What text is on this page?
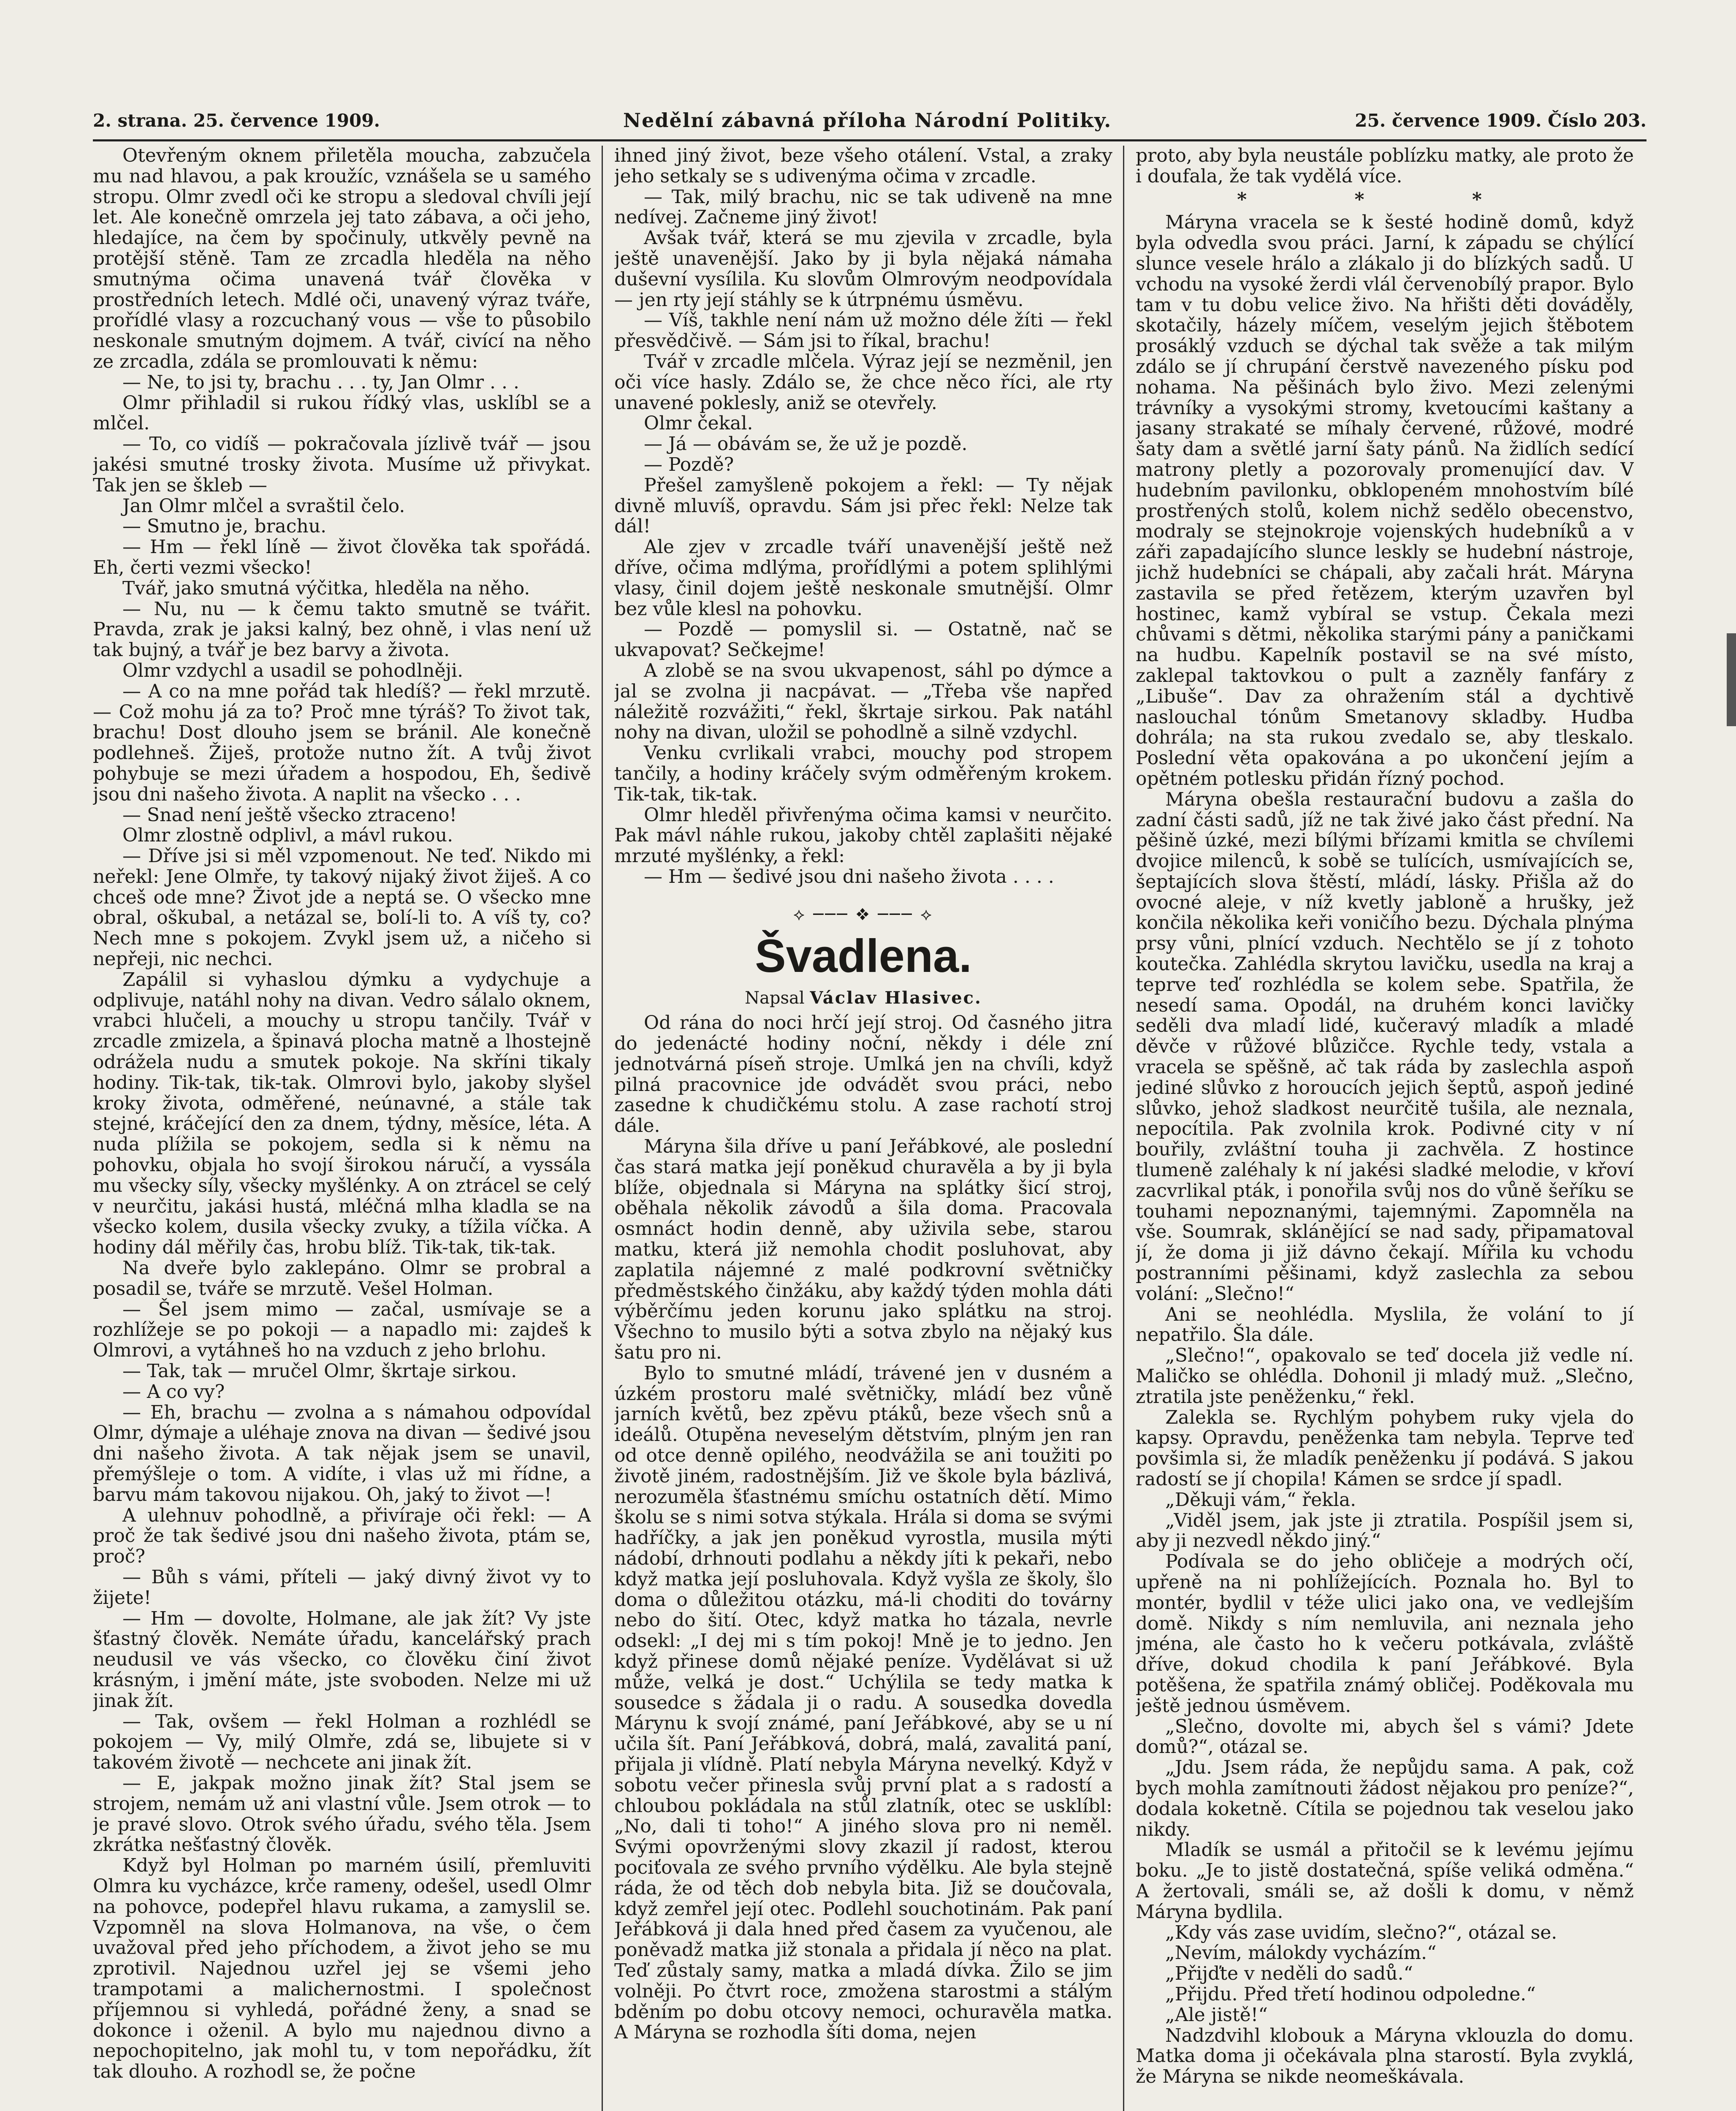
2. strana. 25. července 1909.	Nedělní zábavná příloha Národní Politiky.	25. července 1909. Číslo 203.

Otevřeným oknem přiletěla moucha, zabzučela mu nad hlavou, a pak kroužíc, vznášela se u samého stropu. Olmr zvedl oči ke stropu a sledoval chvíli její let. Ale konečně omrzela jej tato zábava, a oči jeho, hledajíce, na čem by spočinuly, utkvěly pevně na protější stěně. Tam ze zrcadla hleděla na něho smutnýma očima unavená tvář člověka v prostředních letech. Mdlé oči, unavený výraz tváře, prořídlé vlasy a rozcuchaný vous — vše to působilo neskonale smutným dojmem. A tvář, civící na něho ze zrcadla, zdála se promlouvati k němu:

— Ne, to jsi ty, brachu . . . ty, Jan Olmr . . .

Olmr přihladil si rukou řídký vlas, usklíbl se a mlčel.

— To, co vidíš — pokračovala jízlivě tvář — jsou jakési smutné trosky života. Musíme už přivykat. Tak jen se škleb —

Jan Olmr mlčel a svraštil čelo.

— Smutno je, brachu.

— Hm — řekl líně — život člověka tak spořádá. Eh, čerti vezmi všecko!

Tvář, jako smutná výčitka, hleděla na něho.

— Nu, nu — k čemu takto smutně se tvářit. Pravda, zrak je jaksi kalný, bez ohně, i vlas není už tak bujný, a tvář je bez barvy a života.

Olmr vzdychl a usadil se pohodlněji.

— A co na mne pořád tak hledíš? — řekl mrzutě. — Což mohu já za to? Proč mne týráš? To život tak, brachu! Dost dlouho jsem se bránil. Ale konečně podlehneš. Žiješ, protože nutno žít. A tvůj život pohybuje se mezi úřadem a hospodou, Eh, šedivě jsou dni našeho života. A naplit na všecko . . .

— Snad není ještě všecko ztraceno!

Olmr zlostně odplivl, a mávl rukou.

— Dříve jsi si měl vzpomenout. Ne teď. Nikdo mi neřekl: Jene Olmře, ty takový nijaký život žiješ. A co chceš ode mne? Život jde a neptá se. O všecko mne obral, oškubal, a netázal se, bolí-li to. A víš ty, co? Nech mne s pokojem. Zvykl jsem už, a ničeho si nepřeji, nic nechci.

Zapálil si vyhaslou dýmku a vydychuje a odplivuje, natáhl nohy na divan. Vedro sálalo oknem, vrabci hlučeli, a mouchy u stropu tančily. Tvář v zrcadle zmizela, a špinavá plocha matně a lhostejně odrážela nudu a smutek pokoje. Na skříni tikaly hodiny. Tik-tak, tik-tak. Olmrovi bylo, jakoby slyšel kroky života, odměřené, neúnavné, a stále tak stejné, kráčející den za dnem, týdny, měsíce, léta. A nuda plížila se pokojem, sedla si k němu na pohovku, objala ho svojí širokou náručí, a vyssála mu všecky síly, všecky myšlénky. A on ztrácel se celý v neurčitu, jakási hustá, mléčná mlha kladla se na všecko kolem, dusila všecky zvuky, a tížila víčka. A hodiny dál měřily čas, hrobu blíž. Tik-tak, tik-tak.

Na dveře bylo zaklepáno. Olmr se probral a posadil se, tváře se mrzutě. Vešel Holman.

— Šel jsem mimo — začal, usmívaje se a rozhlížeje se po pokoji — a napadlo mi: zajdeš k Olmrovi, a vytáhneš ho na vzduch z jeho brlohu.

— Tak, tak — mručel Olmr, škrtaje sirkou.

— A co vy?

— Eh, brachu — zvolna a s námahou odpovídal Olmr, dýmaje a uléhaje znova na divan — šedivé jsou dni našeho života. A tak nějak jsem se unavil, přemýšleje o tom. A vidíte, i vlas už mi řídne, a barvu mám takovou nijakou. Oh, jaký to život —!

A ulehnuv pohodlně, a přivíraje oči řekl: — A proč že tak šedivé jsou dni našeho života, ptám se, proč?

— Bůh s vámi, příteli — jaký divný život vy to žijete!

— Hm — dovolte, Holmane, ale jak žít? Vy jste šťastný člověk. Nemáte úřadu, kancelářský prach neudusil ve vás všecko, co člověku činí život krásným, i jmění máte, jste svoboden. Nelze mi už jinak žít.

— Tak, ovšem — řekl Holman a rozhlédl se pokojem — Vy, milý Olmře, zdá se, libujete si v takovém životě — nechcete ani jinak žít.

— E, jakpak možno jinak žít? Stal jsem se strojem, nemám už ani vlastní vůle. Jsem otrok — to je pravé slovo. Otrok svého úřadu, svého těla. Jsem zkrátka nešťastný člověk.

Když byl Holman po marném úsilí, přemluviti Olmra ku vycházce, krče rameny, odešel, usedl Olmr na pohovce, podepřel hlavu rukama, a zamyslil se. Vzpomněl na slova Holmanova, na vše, o čem uvažoval před jeho příchodem, a život jeho se mu zprotivil. Najednou uzřel jej se všemi jeho trampotami a malichernostmi. I společnost příjemnou si vyhledá, pořádné ženy, a snad se dokonce i oženil. A bylo mu najednou divno a nepochopitelno, jak mohl tu, v tom nepořádku, žít tak dlouho. A rozhodl se, že počne

ihned jiný život, beze všeho otálení. Vstal, a zraky jeho setkaly se s udivenýma očima v zrcadle.

— Tak, milý brachu, nic se tak udiveně na mne nedívej. Začneme jiný život!

Avšak tvář, která se mu zjevila v zrcadle, byla ještě unavenější. Jako by ji byla nějaká námaha duševní vysílila. Ku slovům Olmrovým neodpovídala — jen rty její stáhly se k útrpnému úsměvu.

— Víš, takhle není nám už možno déle žíti — řekl přesvědčivě. — Sám jsi to říkal, brachu!

Tvář v zrcadle mlčela. Výraz její se nezměnil, jen oči více hasly. Zdálo se, že chce něco říci, ale rty unavené poklesly, aniž se otevřely.

Olmr čekal.

— Já — obávám se, že už je pozdě.

— Pozdě?

Přešel zamyšleně pokojem a řekl: — Ty nějak divně mluvíš, opravdu. Sám jsi přec řekl: Nelze tak dál!

Ale zjev v zrcadle tváří unavenější ještě než dříve, očima mdlýma, prořídlými a potem splihlými vlasy, činil dojem ještě neskonale smutnější. Olmr bez vůle klesl na pohovku.

— Pozdě — pomyslil si. — Ostatně, nač se ukvapovat? Sečkejme!

A zlobě se na svou ukvapenost, sáhl po dýmce a jal se zvolna ji nacpávat. — „Třeba vše napřed náležitě rozvážiti,“ řekl, škrtaje sirkou. Pak natáhl nohy na divan, uložil se pohodlně a silně vzdychl.

Venku cvrlikali vrabci, mouchy pod stropem tančily, a hodiny kráčely svým odměřeným krokem. Tik-tak, tik-tak.

Olmr hleděl přivřenýma očima kamsi v neurčito. Pak mávl náhle rukou, jakoby chtěl zaplašiti nějaké mrzuté myšlénky, a řekl:

— Hm — šedivé jsou dni našeho života . . . .

⟡ ─── ❖ ─── ⟡

Švadlena.

Napsal Václav Hlasivec.

Od rána do noci hrčí její stroj. Od časného jitra do jedenácté hodiny noční, někdy i déle zní jednotvárná píseň stroje. Umlká jen na chvíli, když pilná pracovnice jde odvádět svou práci, nebo zasedne k chudičkému stolu. A zase rachotí stroj dále.

Máryna šila dříve u paní Jeřábkové, ale poslední čas stará matka její poněkud churavěla a by ji byla blíže, objednala si Máryna na splátky šicí stroj, oběhala několik závodů a šila doma. Pracovala osmnáct hodin denně, aby uživila sebe, starou matku, která již nemohla chodit posluhovat, aby zaplatila nájemné z malé podkrovní světničky předměstského činžáku, aby každý týden mohla dáti výběrčímu jeden korunu jako splátku na stroj. Všechno to musilo býti a sotva zbylo na nějaký kus šatu pro ni.

Bylo to smutné mládí, trávené jen v dusném a úzkém prostoru malé světničky, mládí bez vůně jarních květů, bez zpěvu ptáků, beze všech snů a ideálů. Otupěna neveselým dětstvím, plným jen ran od otce denně opilého, neodvážila se ani toužiti po životě jiném, radostnějším. Již ve škole byla bázlivá, nerozuměla šťastnému smíchu ostatních dětí. Mimo školu se s nimi sotva stýkala. Hrála si doma se svými hadříčky, a jak jen poněkud vyrostla, musila mýti nádobí, drhnouti podlahu a někdy jíti k pekaři, nebo když matka její posluhovala. Když vyšla ze školy, šlo doma o důležitou otázku, má-li choditi do továrny nebo do šití. Otec, když matka ho tázala, nevrle odsekl: „I dej mi s tím pokoj! Mně je to jedno. Jen když přinese domů nějaké peníze. Vydělávat si už může, velká je dost.“ Uchýlila se tedy matka k sousedce s žádala ji o radu. A sousedka dovedla Márynu k svojí známé, paní Jeřábkové, aby se u ní učila šít. Paní Jeřábková, dobrá, malá, zavalitá paní, přijala ji vlídně. Platí nebyla Máryna nevelký. Když v sobotu večer přinesla svůj první plat a s radostí a chloubou pokládala na stůl zlatník, otec se usklíbl: „No, dali ti toho!“ A jiného slova pro ni neměl. Svými opovrženými slovy zkazil jí radost, kterou pociťovala ze svého prvního výdělku. Ale byla stejně ráda, že od těch dob nebyla bita. Již se doučovala, když zemřel její otec. Podlehl souchotinám. Pak paní Jeřábková ji dala hned před časem za vyučenou, ale poněvadž matka již stonala a přidala jí něco na plat. Teď zůstaly samy, matka a mladá dívka. Žilo se jim volněji. Po čtvrt roce, zmožena starostmi a stálým bděním po dobu otcovy nemoci, ochuravěla matka. A Máryna se rozhodla šíti doma, nejen

proto, aby byla neustále poblízku matky, ale proto že i doufala, že tak vydělá více.

* * *

Máryna vracela se k šesté hodině domů, když byla odvedla svou práci. Jarní, k západu se chýlící slunce vesele hrálo a zlákalo ji do blízkých sadů. U vchodu na vysoké žerdi vlál červenobílý prapor. Bylo tam v tu dobu velice živo. Na hřišti děti dováděly, skotačily, házely míčem, veselým jejich štěbotem prosáklý vzduch se dýchal tak svěže a tak milým zdálo se jí chrupání čerstvě navezeného písku pod nohama. Na pěšinách bylo živo. Mezi zelenými trávníky a vysokými stromy, kvetoucími kaštany a jasany strakaté se míhaly červené, růžové, modré šaty dam a světlé jarní šaty pánů. Na židlích sedící matrony pletly a pozorovaly promenující dav. V hudebním pavilonku, obklopeném mnohostvím bílé prostřených stolů, kolem nichž sedělo obecenstvo, modraly se stejnokroje vojenských hudebníků a v záři zapadajícího slunce leskly se hudební nástroje, jichž hudebníci se chápali, aby začali hrát. Máryna zastavila se před řetězem, kterým uzavřen byl hostinec, kamž vybíral se vstup. Čekala mezi chůvami s dětmi, několika starými pány a paničkami na hudbu. Kapelník postavil se na své místo, zaklepal taktovkou o pult a zazněly fanfáry z „Libuše“. Dav za ohražením stál a dychtivě naslouchal tónům Smetanovy skladby. Hudba dohrála; na sta rukou zvedalo se, aby tleskalo. Poslední věta opakována a po ukončení jejím a opětném potlesku přidán řízný pochod.

Máryna obešla restaurační budovu a zašla do zadní části sadů, jíž ne tak živé jako část přední. Na pěšině úzké, mezi bílými břízami kmitla se chvílemi dvojice milenců, k sobě se tulících, usmívajících se, šeptajících slova štěstí, mládí, lásky. Přišla až do ovocné aleje, v níž kvetly jabloně a hrušky, jež končila několika keři voničího bezu. Dýchala plnýma prsy vůni, plnící vzduch. Nechtělo se jí z tohoto koutečka. Zahlédla skrytou lavičku, usedla na kraj a teprve teď rozhlédla se kolem sebe. Spatřila, že nesedí sama. Opodál, na druhém konci lavičky seděli dva mladí lidé, kučeravý mladík a mladé děvče v růžové blůzičce. Rychle tedy, vstala a vracela se spěšně, ač tak ráda by zaslechla aspoň jediné slůvko z horoucích jejich šeptů, aspoň jediné slůvko, jehož sladkost neurčitě tušila, ale neznala, nepocítila. Pak zvolnila krok. Podivné city v ní bouřily, zvláštní touha ji zachvěla. Z hostince tlumeně zaléhaly k ní jakési sladké melodie, v křoví zacvrlikal pták, i ponořila svůj nos do vůně šeříku se touhami nepoznanými, tajemnými. Zapomněla na vše. Soumrak, sklánějící se nad sady, připamatoval jí, že doma ji již dávno čekají. Mířila ku vchodu postranními pěšinami, když zaslechla za sebou volání: „Slečno!“

Ani se neohlédla. Myslila, že volání to jí nepatřilo. Šla dále.

„Slečno!“, opakovalo se teď docela již vedle ní. Maličko se ohlédla. Dohonil ji mladý muž. „Slečno, ztratila jste peněženku,“ řekl.

Zalekla se. Rychlým pohybem ruky vjela do kapsy. Opravdu, peněženka tam nebyla. Teprve teď povšimla si, že mladík peněženku jí podává. S jakou radostí se jí chopila! Kámen se srdce jí spadl.

„Děkuji vám,“ řekla.

„Viděl jsem, jak jste ji ztratila. Pospíšil jsem si, aby ji nezvedl někdo jiný.“

Podívala se do jeho obličeje a modrých očí, upřeně na ni pohlížejících. Poznala ho. Byl to montér, bydlil v téže ulici jako ona, ve vedlejším domě. Nikdy s ním nemluvila, ani neznala jeho jména, ale často ho k večeru potkávala, zvláště dříve, dokud chodila k paní Jeřábkové. Byla potěšena, že spatřila známý obličej. Poděkovala mu ještě jednou úsměvem.

„Slečno, dovolte mi, abych šel s vámi? Jdete domů?“, otázal se.

„Jdu. Jsem ráda, že nepůjdu sama. A pak, což bych mohla zamítnouti žádost nějakou pro peníze?“, dodala koketně. Cítila se pojednou tak veselou jako nikdy.

Mladík se usmál a přitočil se k levému jejímu boku. „Je to jistě dostatečná, spíše veliká odměna.“ A žertovali, smáli se, až došli k domu, v němž Máryna bydlila.

„Kdy vás zase uvidím, slečno?“, otázal se.

„Nevím, málokdy vycházím.“

„Přijďte v neděli do sadů.“

„Přijdu. Před třetí hodinou odpoledne.“

„Ale jistě!“

Nadzdvihl klobouk a Máryna vklouzla do domu. Matka doma ji očekávala plna starostí. Byla zvyklá, že Máryna se nikde neomeškávala.
